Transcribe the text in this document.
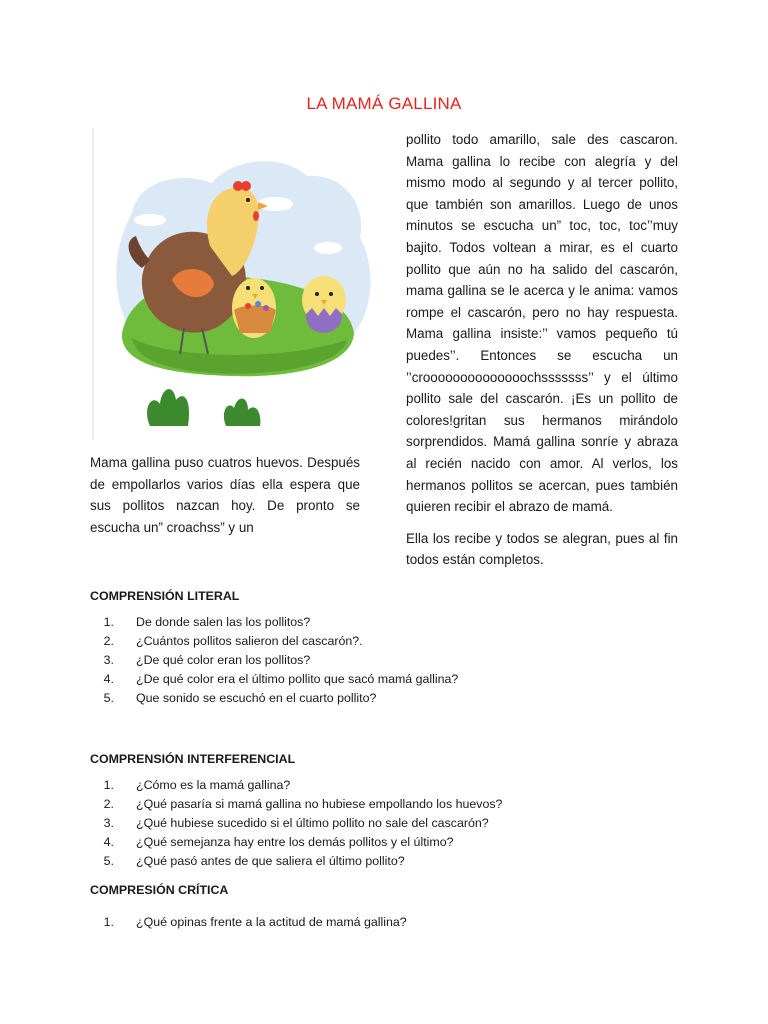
LA MAMÁ GALLINA

Mama gallina puso cuatros huevos. Después de empollarlos varios días ella espera que sus pollitos nazcan hoy. De pronto se escucha un” croachss” y un

pollito todo amarillo, sale des cascaron. Mama gallina lo recibe con alegría y del mismo modo al segundo y al tercer pollito, que también son amarillos. Luego de unos minutos se escucha un” toc, toc, toc’’muy bajito. Todos voltean a mirar, es el cuarto pollito que aún no ha salido del cascarón, mama gallina se le acerca y le anima: vamos rompe el cascarón, pero no hay respuesta. Mama gallina insiste:’’ vamos pequeño tú puedes’’. Entonces se escucha un ’’croooooooooooooochsssssss’’ y el último pollito sale del cascarón. ¡Es un pollito de colores!gritan sus hermanos mirándolo sorprendidos. Mamá gallina sonríe y abraza al recién nacido con amor. Al verlos, los hermanos pollitos se acercan, pues también quieren recibir el abrazo de mamá.

Ella los recibe y todos se alegran, pues al fin todos están completos.

COMPRENSIÓN LITERAL
1.	De donde salen las los pollitos?
2.	¿Cuántos pollitos salieron del cascarón?.
3.	¿De qué color eran los pollitos?
4.	¿De qué color era el último pollito que sacó mamá gallina?
5.	Que sonido se escuchó en el cuarto pollito?
COMPRENSIÓN INTERFERENCIAL
1.	¿Cómo es la mamá gallina?
2.	¿Qué pasaría si mamá gallina no hubiese empollando los huevos?
3.	¿Qué hubiese sucedido si el último pollito no sale del cascarón?
4.	¿Qué semejanza hay entre los demás pollitos y el último?
5.	¿Qué pasó antes de que saliera el último pollito?
COMPRESIÓN CRÍTICA
1.	¿Qué opinas frente a la actitud de mamá gallina?
